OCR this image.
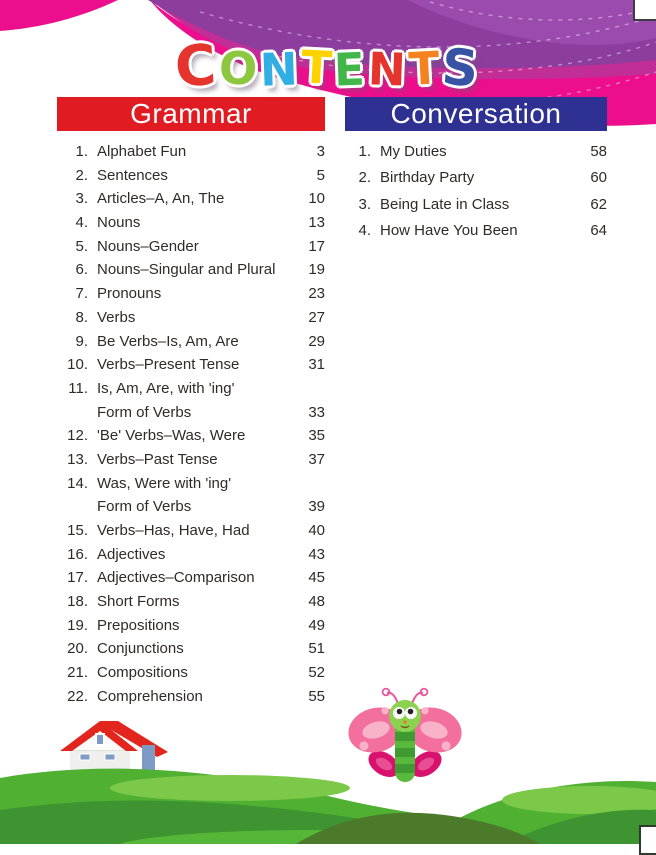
CONTENTS
Grammar	Conversation
1. Alphabet Fun	3
2. Sentences	5
3. Articles–A, An, The	10
4. Nouns	13
5. Nouns–Gender	17
6. Nouns–Singular and Plural	19
7. Pronouns	23
8. Verbs	27
9. Be Verbs–Is, Am, Are	29
10. Verbs–Present Tense	31
11. Is, Am, Are, with 'ing'
Form of Verbs	33
12. 'Be' Verbs–Was, Were	35
13. Verbs–Past Tense	37
14. Was, Were with 'ing'
Form of Verbs	39
15. Verbs–Has, Have, Had	40
16. Adjectives	43
17. Adjectives–Comparison	45
18. Short Forms	48
19. Prepositions	49
20. Conjunctions	51
21. Compositions	52
22. Comprehension	55
1. My Duties	58
2. Birthday Party	60
3. Being Late in Class	62
4. How Have You Been	64
